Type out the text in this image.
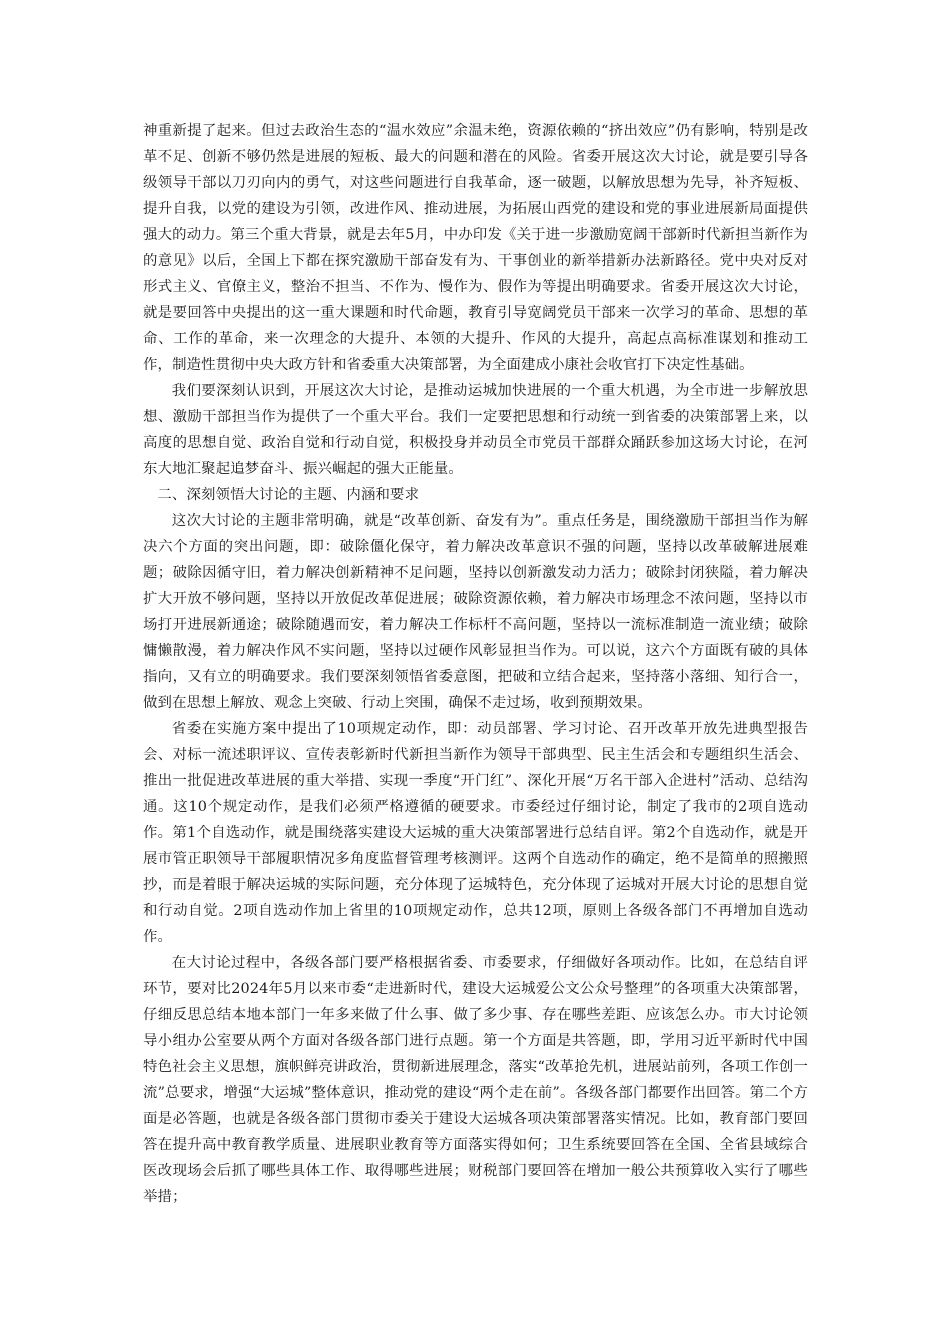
神重新提了起来。但过去政治生态的“温水效应”余温未绝，资源依赖的“挤出效应”仍有影响，特别是改革不足、创新不够仍然是进展的短板、最大的问题和潜在的风险。省委开展这次大讨论，就是要引导各级领导干部以刀刃向内的勇气，对这些问题进行自我革命，逐一破题，以解放思想为先导，补齐短板、提升自我，以党的建设为引领，改进作风、推动进展，为拓展山西党的建设和党的事业进展新局面提供强大的动力。第三个重大背景，就是去年5月，中办印发《关于进一步激励宽阔干部新时代新担当新作为的意见》以后，全国上下都在探究激励干部奋发有为、干事创业的新举措新办法新路径。党中央对反对形式主义、官僚主义，整治不担当、不作为、慢作为、假作为等提出明确要求。省委开展这次大讨论，就是要回答中央提出的这一重大课题和时代命题，教育引导宽阔党员干部来一次学习的革命、思想的革命、工作的革命，来一次理念的大提升、本领的大提升、作风的大提升，高起点高标准谋划和推动工作，制造性贯彻中央大政方针和省委重大决策部署，为全面建成小康社会收官打下决定性基础。

我们要深刻认识到，开展这次大讨论，是推动运城加快进展的一个重大机遇，为全市进一步解放思想、激励干部担当作为提供了一个重大平台。我们一定要把思想和行动统一到省委的决策部署上来，以高度的思想自觉、政治自觉和行动自觉，积极投身并动员全市党员干部群众踊跃参加这场大讨论，在河东大地汇聚起追梦奋斗、振兴崛起的强大正能量。

二、深刻领悟大讨论的主题、内涵和要求

这次大讨论的主题非常明确，就是“改革创新、奋发有为”。重点任务是，围绕激励干部担当作为解决六个方面的突出问题，即：破除僵化保守，着力解决改革意识不强的问题，坚持以改革破解进展难题；破除因循守旧，着力解决创新精神不足问题，坚持以创新激发动力活力；破除封闭狭隘，着力解决扩大开放不够问题，坚持以开放促改革促进展；破除资源依赖，着力解决市场理念不浓问题，坚持以市场打开进展新通途；破除随遇而安，着力解决工作标杆不高问题，坚持以一流标准制造一流业绩；破除慵懒散漫，着力解决作风不实问题，坚持以过硬作风彰显担当作为。可以说，这六个方面既有破的具体指向，又有立的明确要求。我们要深刻领悟省委意图，把破和立结合起来，坚持落小落细、知行合一，做到在思想上解放、观念上突破、行动上突围，确保不走过场，收到预期效果。

省委在实施方案中提出了10项规定动作，即：动员部署、学习讨论、召开改革开放先进典型报告会、对标一流述职评议、宣传表彰新时代新担当新作为领导干部典型、民主生活会和专题组织生活会、推出一批促进改革进展的重大举措、实现一季度“开门红”、深化开展“万名干部入企进村”活动、总结沟通。这10个规定动作，是我们必须严格遵循的硬要求。市委经过仔细讨论，制定了我市的2项自选动作。第1个自选动作，就是围绕落实建设大运城的重大决策部署进行总结自评。第2个自选动作，就是开展市管正职领导干部履职情况多角度监督管理考核测评。这两个自选动作的确定，绝不是简单的照搬照抄，而是着眼于解决运城的实际问题，充分体现了运城特色，充分体现了运城对开展大讨论的思想自觉和行动自觉。2项自选动作加上省里的10项规定动作，总共12项，原则上各级各部门不再增加自选动作。

在大讨论过程中，各级各部门要严格根据省委、市委要求，仔细做好各项动作。比如，在总结自评环节，要对比2024年5月以来市委“走进新时代，建设大运城爱公文公众号整理”的各项重大决策部署，仔细反思总结本地本部门一年多来做了什么事、做了多少事、存在哪些差距、应该怎么办。市大讨论领导小组办公室要从两个方面对各级各部门进行点题。第一个方面是共答题，即，学用习近平新时代中国特色社会主义思想，旗帜鲜亮讲政治，贯彻新进展理念，落实“改革抢先机，进展站前列，各项工作创一流”总要求，增强“大运城”整体意识，推动党的建设“两个走在前”。各级各部门都要作出回答。第二个方面是必答题，也就是各级各部门贯彻市委关于建设大运城各项决策部署落实情况。比如，教育部门要回答在提升高中教育教学质量、进展职业教育等方面落实得如何；卫生系统要回答在全国、全省县域综合医改现场会后抓了哪些具体工作、取得哪些进展；财税部门要回答在增加一般公共预算收入实行了哪些举措；
